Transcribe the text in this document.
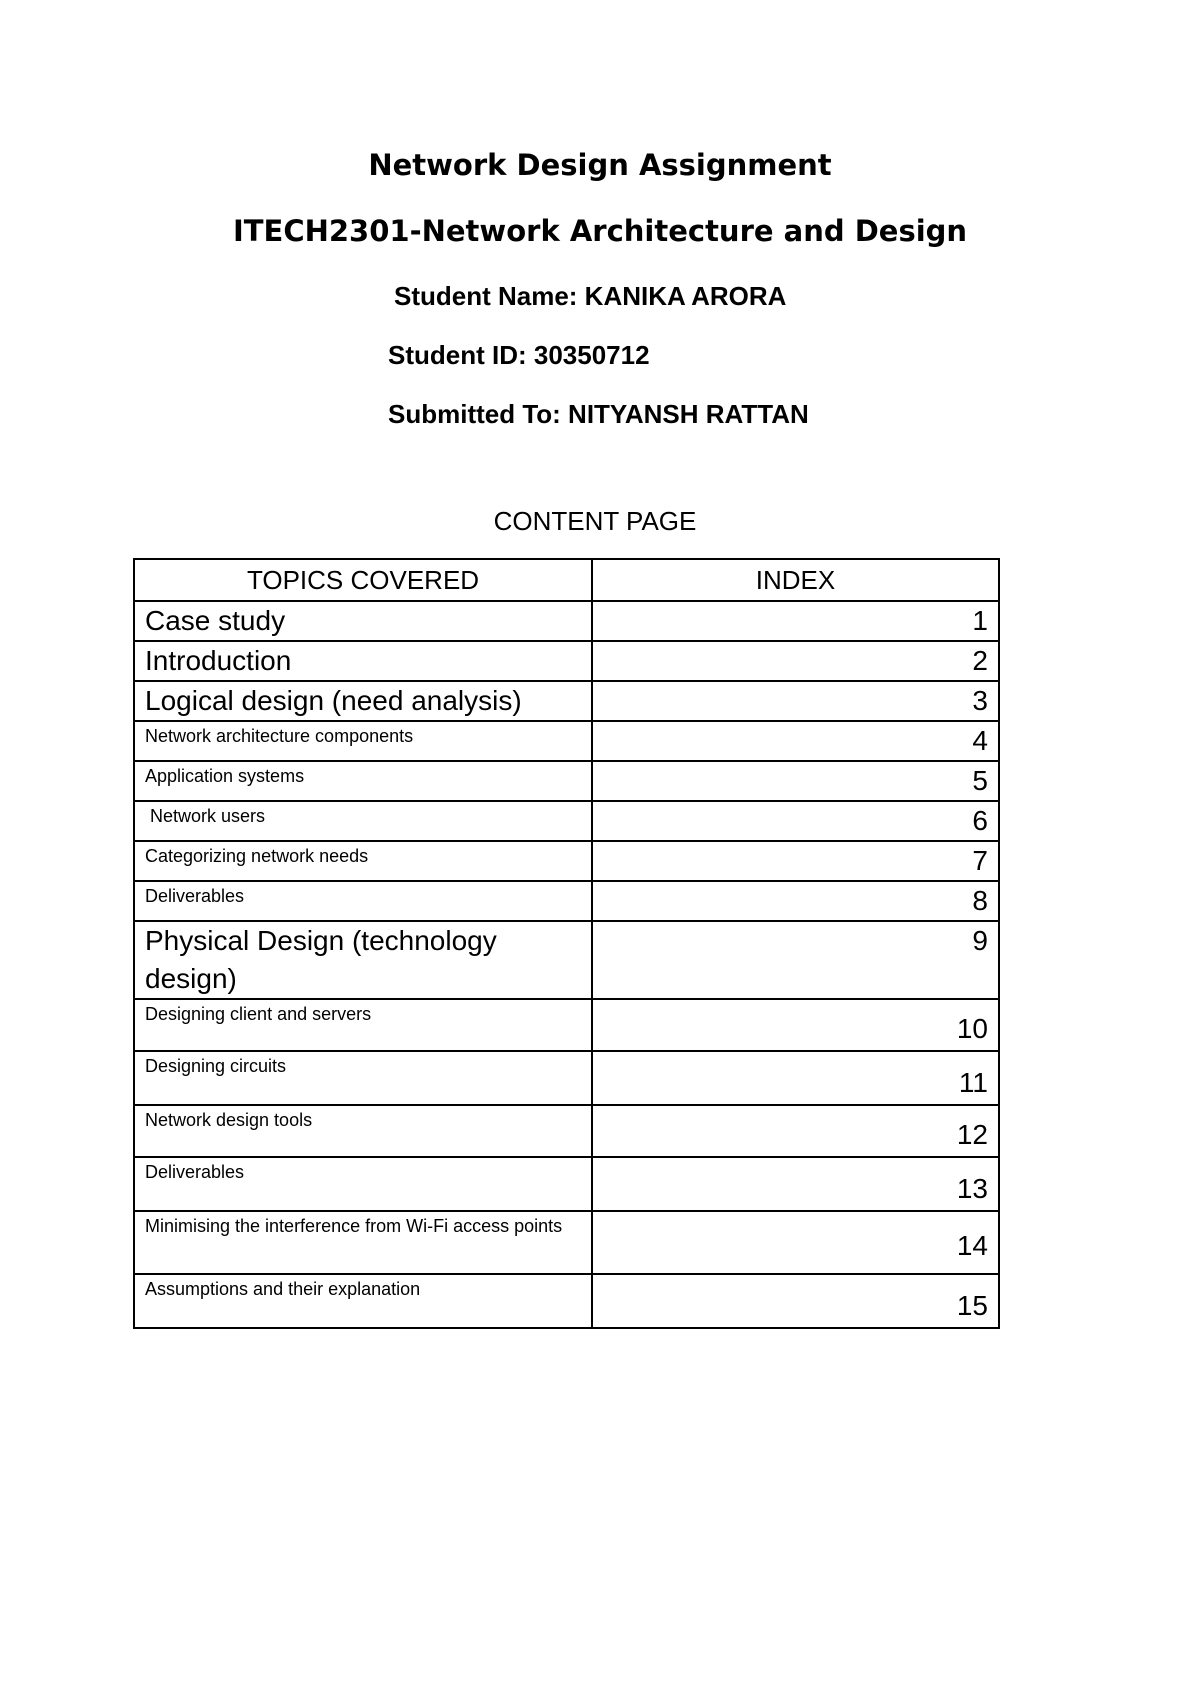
Network Design Assignment
ITECH2301-Network Architecture and Design
Student Name: KANIKA ARORA
Student ID: 30350712
Submitted To: NITYANSH RATTAN
CONTENT PAGE
TOPICS COVERED	INDEX
Case study	1
Introduction	2
Logical design (need analysis)	3
Network architecture components	4
Application systems	5
Network users	6
Categorizing network needs	7
Deliverables	8
Physical Design (technology design)	9
Designing client and servers	10
Designing circuits	11
Network design tools	12
Deliverables	13
Minimising the interference from Wi-Fi access points	14
Assumptions and their explanation	15
